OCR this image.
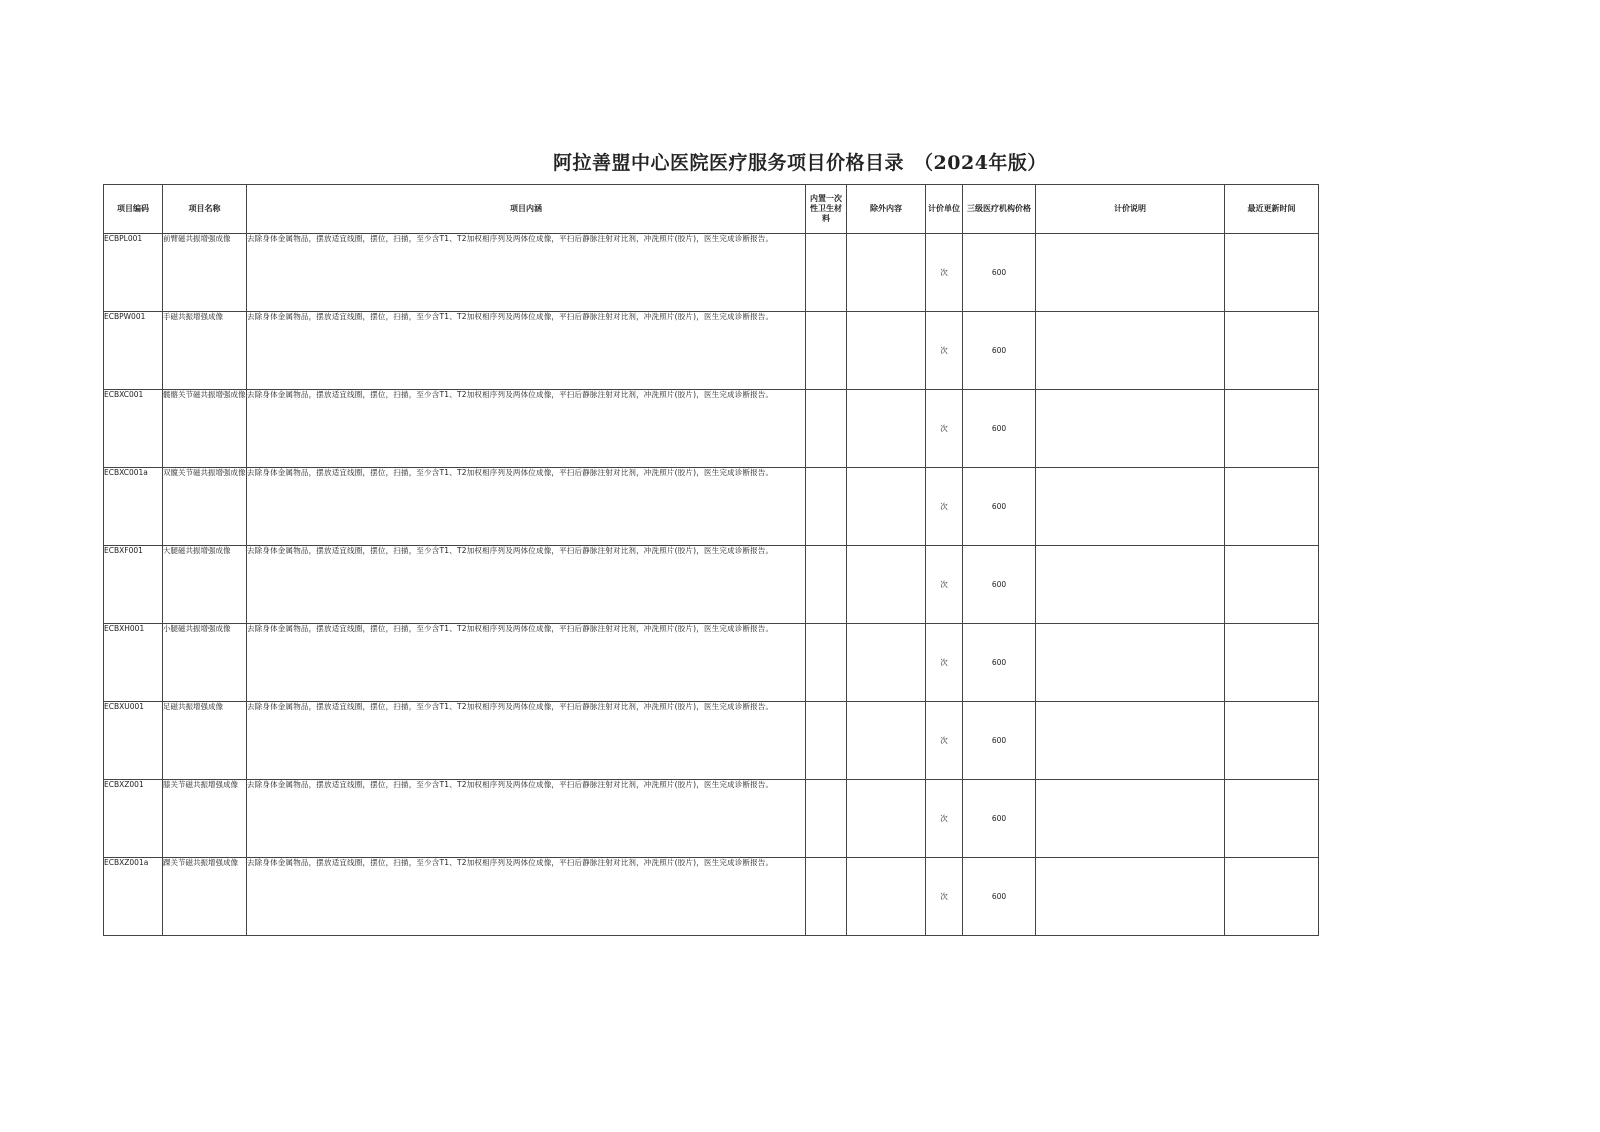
阿拉善盟中心医院医疗服务项目价格目录　（2024年版）
项目编码	项目名称	项目内涵	内置一次性卫生材料	除外内容	计价单位	三级医疗机构价格	计价说明	最近更新时间
ECBPL001	前臂磁共振增强成像	去除身体金属物品，摆放适宜线圈，摆位，扫描，至少含T1、T2加权相序列及两体位成像，平扫后静脉注射对比剂，冲洗照片(胶片)，医生完成诊断报告。			次	600		
ECBPW001	手磁共振增强成像	去除身体金属物品，摆放适宜线圈，摆位，扫描，至少含T1、T2加权相序列及两体位成像，平扫后静脉注射对比剂，冲洗照片(胶片)，医生完成诊断报告。			次	600		
ECBXC001	髋髂关节磁共振增强成像	去除身体金属物品，摆放适宜线圈，摆位，扫描，至少含T1、T2加权相序列及两体位成像，平扫后静脉注射对比剂，冲洗照片(胶片)，医生完成诊断报告。			次	600		
ECBXC001a	双髋关节磁共振增强成像	去除身体金属物品，摆放适宜线圈，摆位，扫描，至少含T1、T2加权相序列及两体位成像，平扫后静脉注射对比剂，冲洗照片(胶片)，医生完成诊断报告。			次	600		
ECBXF001	大腿磁共振增强成像	去除身体金属物品，摆放适宜线圈，摆位，扫描，至少含T1、T2加权相序列及两体位成像，平扫后静脉注射对比剂，冲洗照片(胶片)，医生完成诊断报告。			次	600		
ECBXH001	小腿磁共振增强成像	去除身体金属物品，摆放适宜线圈，摆位，扫描，至少含T1、T2加权相序列及两体位成像，平扫后静脉注射对比剂，冲洗照片(胶片)，医生完成诊断报告。			次	600		
ECBXU001	足磁共振增强成像	去除身体金属物品，摆放适宜线圈，摆位，扫描，至少含T1、T2加权相序列及两体位成像，平扫后静脉注射对比剂，冲洗照片(胶片)，医生完成诊断报告。			次	600		
ECBXZ001	膝关节磁共振增强成像	去除身体金属物品，摆放适宜线圈，摆位，扫描，至少含T1、T2加权相序列及两体位成像，平扫后静脉注射对比剂，冲洗照片(胶片)，医生完成诊断报告。			次	600		
ECBXZ001a	踝关节磁共振增强成像	去除身体金属物品，摆放适宜线圈，摆位，扫描，至少含T1、T2加权相序列及两体位成像，平扫后静脉注射对比剂，冲洗照片(胶片)，医生完成诊断报告。			次	600		
